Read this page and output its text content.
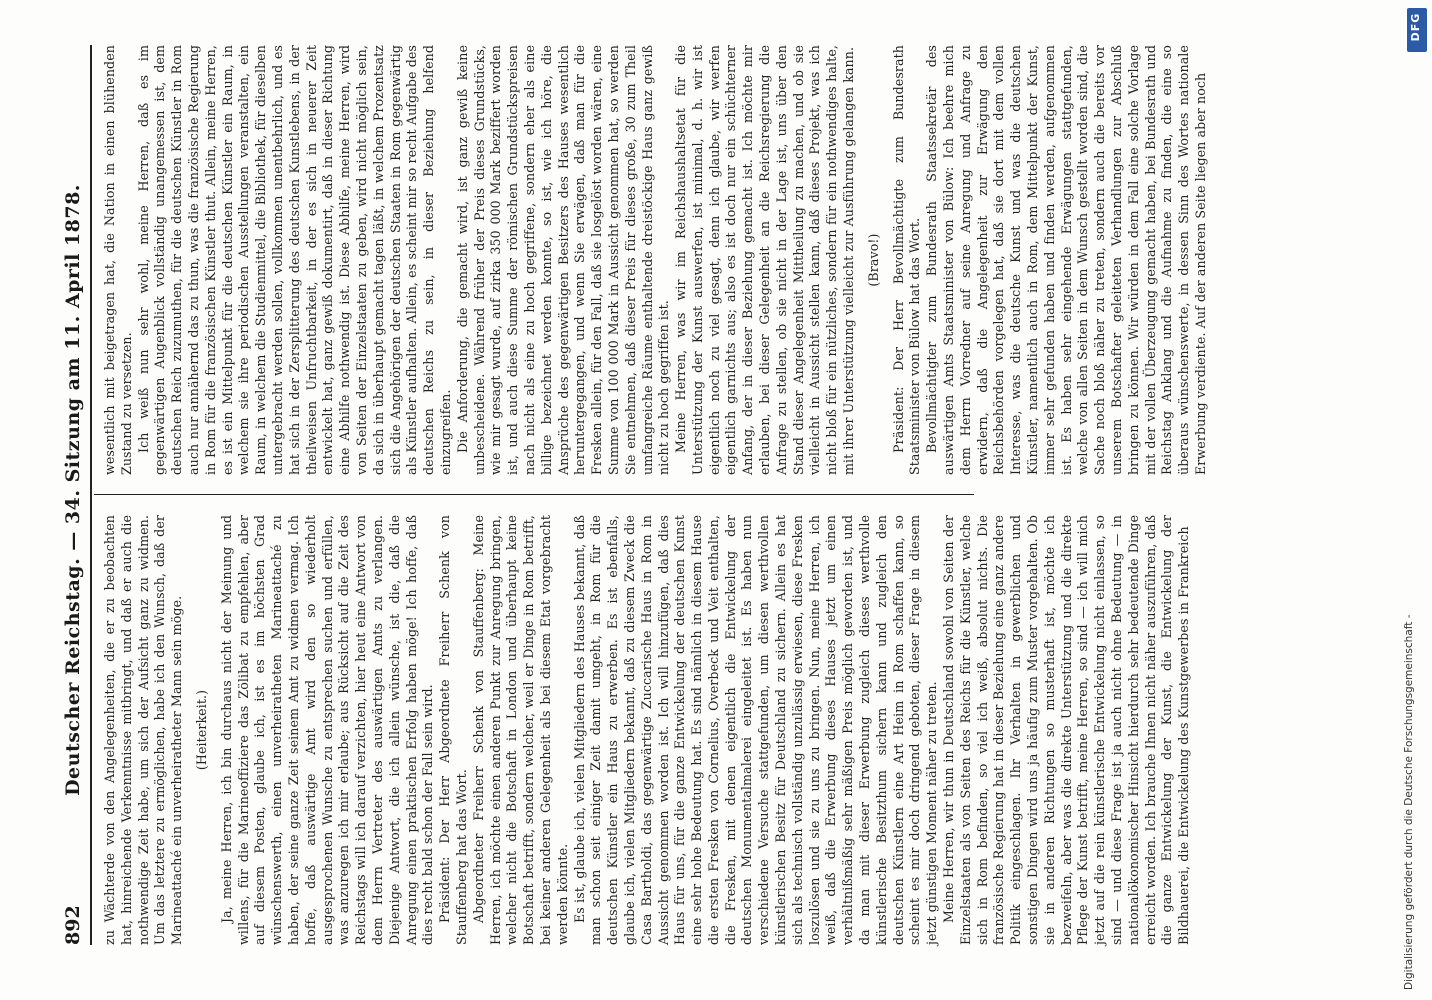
892
Deutscher Reichstag. — 34. Sitzung am 11. April 1878. zu Wächterde von den Angelegenheiten, die er zu beobachten hat, hinreichende Verkenntnisse mitbringt, und daß er auch die nothwendige Zeit habe, um sich der Aufsicht ganz zu widmen. Um das letztere zu ermöglichen, habe ich den Wunsch, daß der Marineattaché ein unverheiratheter Mann sein möge. (Heiterkeit.) Ja, meine Herren, ich bin durchaus nicht der Meinung und willens, für die Marineoffiziere das Zölibat zu empfehlen, aber auf diesem Posten, glaube ich, ist es im höchsten Grad wünschenswerth, einen unverheiratheten Marineattaché zu haben, der seine ganze Zeit seinem Amt zu widmen vermag. Ich hoffe, daß auswärtige Amt wird den so wiederholt ausgesprochenen Wunsche zu entsprechen suchen und erfüllen, was anzuregen ich mir erlaube; aus Rücksicht auf die Zeit des Reichstags will ich darauf verzichten, hier heut eine Antwort von dem Herrn Vertreter des auswärtigen Amts zu verlangen. Diejenige Antwort, die ich allein wünsche, ist die, daß die Anregung einen praktischen Erfolg haben möge! Ich hoffe, daß dies recht bald schon der Fall sein wird. Präsident: Der Herr Abgeordnete Freiherr Schenk von Stauffenberg hat das Wort. Abgeordneter Freiherr Schenk von Stauffenberg: Meine Herren, ich möchte einen anderen Punkt zur Anregung bringen, welcher nicht die Botschaft in London und überhaupt keine Botschaft betrifft, sondern welcher, weil er Dinge in Rom betrifft, bei keiner anderen Gelegenheit als bei diesem Etat vorgebracht werden könnte. Es ist, glaube ich, vielen Mitgliedern des Hauses bekannt, daß man schon seit einiger Zeit damit umgeht, in Rom für die deutschen Künstler ein Haus zu erwerben. Es ist ebenfalls, glaube ich, vielen Mitgliedern bekannt, daß zu diesem Zweck die Casa Bartholdi, das gegenwärtige Zuccarische Haus in Rom in Aussicht genommen worden ist. Ich will hinzufügen, daß dies Haus für uns, für die ganze Entwickelung der deutschen Kunst eine sehr hohe Bedeutung hat. Es sind nämlich in diesem Hause die ersten Fresken von Cornelius, Overbeck und Veit enthalten, die Fresken, mit denen eigentlich die Entwickelung der deutschen Monumentalmalerei eingeleitet ist. Es haben nun verschiedene Versuche stattgefunden, um diesen werthvollen künstlerischen Besitz für Deutschland zu sichern. Allein es hat sich als technisch vollständig unzulässig erwiesen, diese Fresken loszulösen und sie zu uns zu bringen. Nun, meine Herren, ich weiß, daß die Erwerbung dieses Hauses jetzt um einen verhältnißmäßig sehr mäßigen Preis möglich geworden ist, und da man mit dieser Erwerbung zugleich dieses werthvolle künstlerische Besitzthum sichern kann und zugleich den deutschen Künstlern eine Art Heim in Rom schaffen kann, so scheint es mir doch dringend geboten, dieser Frage in diesem jetzt günstigen Moment näher zu treten. Meine Herren, wir thun in Deutschland sowohl von Seiten der Einzelstaaten als von Seiten des Reichs für die Künstler, welche sich in Rom befinden, so viel ich weiß, absolut nichts. Die französische Regierung hat in dieser Beziehung eine ganz andere Politik eingeschlagen. Ihr Verhalten in gewerblichen und sonstigen Dingen wird uns ja häufig zum Muster vorgehalten. Ob sie in anderen Richtungen so musterhaft ist, möchte ich bezweifeln, aber was die direkte Unterstützung und die direkte Pflege der Kunst betrifft, meine Herren, so sind — ich will mich jetzt auf die rein künstlerische Entwickelung nicht einlassen, so sind — und diese Frage ist ja auch nicht ohne Bedeutung — in nationalökonomischer Hinsicht hierdurch sehr bedeutende Dinge erreicht worden. Ich brauche Ihnen nicht näher auszuführen, daß die ganze Entwickelung der Kunst, die Entwickelung der Bildhauerei, die Entwickelung des Kunstgewerbes in Frankreich

wesentlich mit beigetragen hat, die Nation in einen blühenden Zustand zu versetzen. Ich weiß nun sehr wohl, meine Herren, daß es im gegenwärtigen Augenblick vollständig unangemessen ist, dem deutschen Reich zuzumuthen, für die deutschen Künstler in Rom auch nur annähernd das zu thun, was die französische Regierung in Rom für die französischen Künstler thut. Allein, meine Herren, es ist ein Mittelpunkt für die deutschen Künstler ein Raum, in welchem sie ihre periodischen Ausstellungen veranstalten, ein Raum, in welchem die Studienmittel, die Bibliothek, für dieselben untergebracht werden sollen, vollkommen unentbehrlich, und es hat sich in der Zersplitterung des deutschen Kunstlebens, in der theilweisen Unfruchtbarkeit, in der es sich in neuerer Zeit entwickelt hat, ganz gewiß dokumentirt, daß in dieser Richtung eine Abhilfe nothwendig ist. Diese Abhilfe, meine Herren, wird von Seiten der Einzelstaaten zu geben, wird nicht möglich sein, da sich in überhaupt gemacht tagen läßt, in welchem Prozentsatz sich die Angehörigen der deutschen Staaten in Rom gegenwärtig als Künstler aufhalten. Allein, es scheint mir so recht Aufgabe des deutschen Reichs zu sein, in dieser Beziehung helfend einzugreifen. Die Anforderung, die gemacht wird, ist ganz gewiß keine unbescheidene. Während früher der Preis dieses Grundstücks, wie mir gesagt wurde, auf zirka 350 000 Mark beziffert worden ist, und auch diese Summe der römischen Grundstückspreisen nach nicht als eine zu hoch gegriffene, sondern eher als eine billige bezeichnet werden konnte, so ist, wie ich höre, die Ansprüche des gegenwärtigen Besitzers des Hauses wesentlich heruntergegangen, und wenn Sie erwägen, daß man für die Fresken allein, für den Fall, daß sie losgelöst worden wären, eine Summe von 100 000 Mark in Aussicht genommen hat, so werden Sie entnehmen, daß dieser Preis für dieses große, 30 zum Theil umfangreiche Räume enthaltende dreistöckige Haus ganz gewiß nicht zu hoch gegriffen ist. Meine Herren, was wir im Reichshaushaltsetat für die Unterstützung der Kunst auswerfen, ist minimal, d. h. wir ist eigentlich noch zu viel gesagt, denn ich glaube, wir werfen eigentlich garnichts aus; also es ist doch nur ein schüchterner Anfang, der in dieser Beziehung gemacht ist. Ich möchte mir erlauben, bei dieser Gelegenheit an die Reichsregierung die Anfrage zu stellen, ob sie nicht in der Lage ist, uns über den Stand dieser Angelegenheit Mittheilung zu machen, und ob sie vielleicht in Aussicht stellen kann, daß dieses Projekt, was ich nicht bloß für ein nützliches, sondern für ein nothwendiges halte, mit ihrer Unterstützung vielleicht zur Ausführung gelangen kann. (Bravo!) Präsident: Der Herr Bevollmächtigte zum Bundesrath Staatsminister von Bülow hat das Wort. Bevollmächtigter zum Bundesrath Staatssekretär des auswärtigen Amts Staatsminister von Bülow: Ich beehre mich dem Herrn Vorredner auf seine Anregung und Anfrage zu erwidern, daß die Angelegenheit zur Erwägung den Reichsbehörden vorgelegen hat, daß sie dort mit dem vollen Interesse, was die deutsche Kunst und was die deutschen Künstler, namentlich auch in Rom, dem Mittelpunkt der Kunst, immer sehr gefunden haben und finden werden, aufgenommen ist. Es haben sehr eingehende Erwägungen stattgefunden, welche von allen Seiten in dem Wunsch gestellt worden sind, die Sache noch bloß näher zu treten, sondern auch die bereits vor unserem Botschafter geleiteten Verhandlungen zur Abschluß bringen zu können. Wir würden in dem Fall eine solche Vorlage mit der vollen Überzeugung gemacht haben, bei Bundesrath und Reichstag Anklang und die Aufnahme zu finden, die eine so überaus wünschenswerte, in dessen Sinn des Wortes nationale Erwerbung verdiente. Auf der anderen Seite liegen aber noch

DFG
Digitalisierung gefördert durch die Deutsche Forschungsgemeinschaft -
